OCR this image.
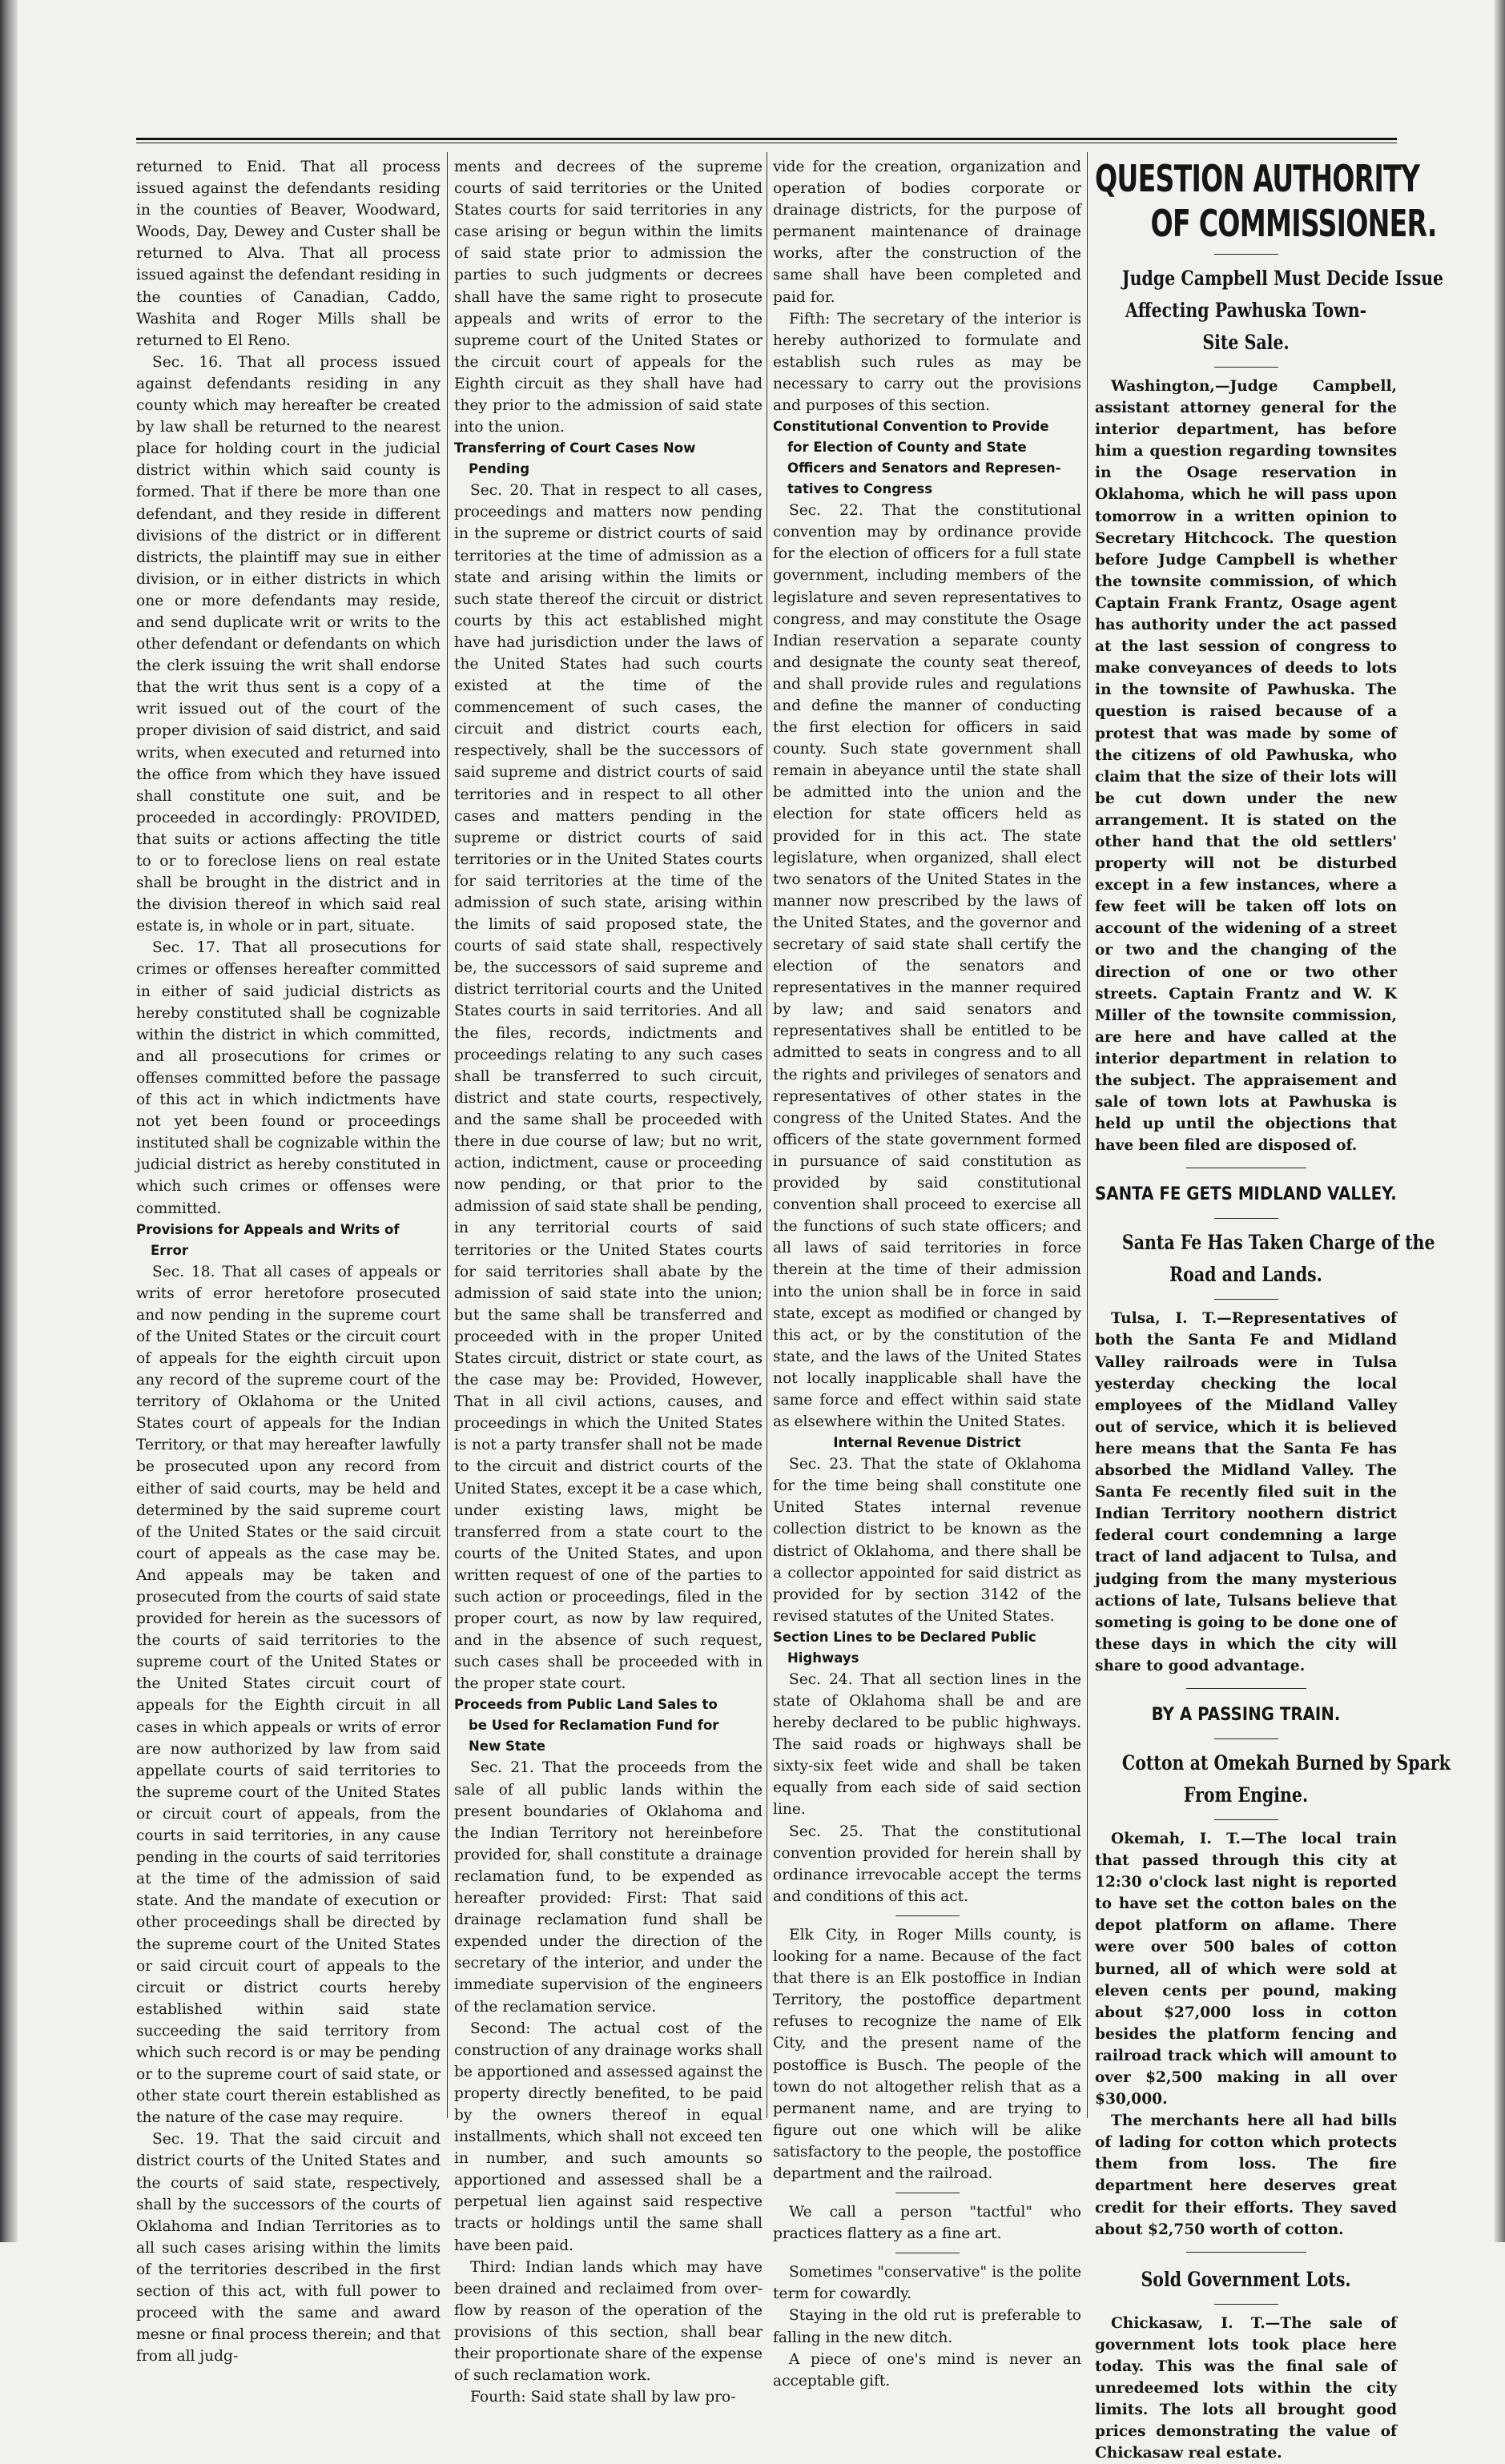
returned to Enid. That all process issued against the defendants residing in the counties of Beaver, Woodward, Woods, Day, Dewey and Custer shall be returned to Alva. That all process issued against the defendant residing in the counties of Canadian, Caddo, Washita and Roger Mills shall be returned to El Reno.

Sec. 16. That all process issued against defendants residing in any county which may hereafter be created by law shall be returned to the nearest place for holding court in the judicial district within which said county is formed. That if there be more than one defendant, and they reside in different divisions of the district or in different districts, the plaintiff may sue in either division, or in either districts in which one or more defendants may reside, and send duplicate writ or writs to the other defendant or defendants on which the clerk issuing the writ shall endorse that the writ thus sent is a copy of a writ issued out of the court of the proper division of said district, and said writs, when executed and returned into the office from which they have issued shall constitute one suit, and be proceeded in accordingly: PROVIDED, that suits or actions affecting the title to or to foreclose liens on real estate shall be brought in the district and in the division thereof in which said real estate is, in whole or in part, situate.

Sec. 17. That all prosecutions for crimes or offenses hereafter committed in either of said judicial districts as hereby constituted shall be cognizable within the district in which committed, and all prosecutions for crimes or offenses committed before the passage of this act in which indictments have not yet been found or proceedings instituted shall be cognizable within the judicial district as hereby constituted in which such crimes or offenses were committed.

Provisions for Appeals and Writs of
Error

Sec. 18. That all cases of appeals or writs of error heretofore prosecuted and now pending in the supreme court of the United States or the circuit court of appeals for the eighth circuit upon any record of the supreme court of the territory of Oklahoma or the United States court of appeals for the Indian Territory, or that may hereafter lawfully be prosecuted upon any record from either of said courts, may be held and determined by the said supreme court of the United States or the said circuit court of appeals as the case may be. And appeals may be taken and prosecuted from the courts of said state provided for herein as the sucessors of the courts of said territories to the supreme court of the United States or the United States circuit court of appeals for the Eighth circuit in all cases in which appeals or writs of error are now authorized by law from said appellate courts of said territories to the supreme court of the United States or circuit court of appeals, from the courts in said territories, in any cause pending in the courts of said territories at the time of the admission of said state. And the mandate of execution or other proceedings shall be directed by the supreme court of the United States or said circuit court of appeals to the circuit or district courts hereby established within said state succeeding the said territory from which such record is or may be pending or to the supreme court of said state, or other state court therein established as the nature of the case may require.

Sec. 19. That the said circuit and district courts of the United States and the courts of said state, respectively, shall by the successors of the courts of Oklahoma and Indian Territories as to all such cases arising within the limits of the territories described in the first section of this act, with full power to proceed with the same and award mesne or final process therein; and that from all judg-

ments and decrees of the supreme courts of said territories or the United States courts for said territories in any case arising or begun within the limits of said state prior to admission the parties to such judgments or decrees shall have the same right to prosecute appeals and writs of error to the supreme court of the United States or the circuit court of appeals for the Eighth circuit as they shall have had they prior to the admission of said state into the union.

Transferring of Court Cases Now
Pending

Sec. 20. That in respect to all cases, proceedings and matters now pending in the supreme or district courts of said territories at the time of admission as a state and arising within the limits or such state thereof the circuit or district courts by this act established might have had jurisdiction under the laws of the United States had such courts existed at the time of the commencement of such cases, the circuit and district courts each, respectively, shall be the successors of said supreme and district courts of said territories and in respect to all other cases and matters pending in the supreme or district courts of said territories or in the United States courts for said territories at the time of the admission of such state, arising within the limits of said proposed state, the courts of said state shall, respectively be, the successors of said supreme and district territorial courts and the United States courts in said territories. And all the files, records, indictments and proceedings relating to any such cases shall be transferred to such circuit, district and state courts, respectively, and the same shall be proceeded with there in due course of law; but no writ, action, indictment, cause or proceeding now pending, or that prior to the admission of said state shall be pending, in any territorial courts of said territories or the United States courts for said territories shall abate by the admission of said state into the union; but the same shall be transferred and proceeded with in the proper United States circuit, district or state court, as the case may be: Provided, However, That in all civil actions, causes, and proceedings in which the United States is not a party transfer shall not be made to the circuit and district courts of the United States, except it be a case which, under existing laws, might be transferred from a state court to the courts of the United States, and upon written request of one of the parties to such action or proceedings, filed in the proper court, as now by law required, and in the absence of such request, such cases shall be proceeded with in the proper state court.

Proceeds from Public Land Sales to
be Used for Reclamation Fund for
New State

Sec. 21. That the proceeds from the sale of all public lands within the present boundaries of Oklahoma and the Indian Territory not hereinbefore provided for, shall constitute a drainage reclamation fund, to be expended as hereafter provided: First: That said drainage reclamation fund shall be expended under the direction of the secretary of the interior, and under the immediate supervision of the engineers of the reclamation service.

Second: The actual cost of the construction of any drainage works shall be apportioned and assessed against the property directly benefited, to be paid by the owners thereof in equal installments, which shall not exceed ten in number, and such amounts so apportioned and assessed shall be a perpetual lien against said respective tracts or holdings until the same shall have been paid.

Third: Indian lands which may have been drained and reclaimed from over-flow by reason of the operation of the provisions of this section, shall bear their proportionate share of the expense of such reclamation work.

Fourth: Said state shall by law pro-

vide for the creation, organization and operation of bodies corporate or drainage districts, for the purpose of permanent maintenance of drainage works, after the construction of the same shall have been completed and paid for.

Fifth: The secretary of the interior is hereby authorized to formulate and establish such rules as may be necessary to carry out the provisions and purposes of this section.

Constitutional Convention to Provide
for Election of County and State
Officers and Senators and Represen-
tatives to Congress

Sec. 22. That the constitutional convention may by ordinance provide for the election of officers for a full state government, including members of the legislature and seven representatives to congress, and may constitute the Osage Indian reservation a separate county and designate the county seat thereof, and shall provide rules and regulations and define the manner of conducting the first election for officers in said county. Such state government shall remain in abeyance until the state shall be admitted into the union and the election for state officers held as provided for in this act. The state legislature, when organized, shall elect two senators of the United States in the manner now prescribed by the laws of the United States, and the governor and secretary of said state shall certify the election of the senators and representatives in the manner required by law; and said senators and representatives shall be entitled to be admitted to seats in congress and to all the rights and privileges of senators and representatives of other states in the congress of the United States. And the officers of the state government formed in pursuance of said constitution as provided by said constitutional convention shall proceed to exercise all the functions of such state officers; and all laws of said territories in force therein at the time of their admission into the union shall be in force in said state, except as modified or changed by this act, or by the constitution of the state, and the laws of the United States not locally inapplicable shall have the same force and effect within said state as elsewhere within the United States.

Internal Revenue District

Sec. 23. That the state of Oklahoma for the time being shall constitute one United States internal revenue collection district to be known as the district of Oklahoma, and there shall be a collector appointed for said district as provided for by section 3142 of the revised statutes of the United States.

Section Lines to be Declared Public
Highways

Sec. 24. That all section lines in the state of Oklahoma shall be and are hereby declared to be public highways. The said roads or highways shall be sixty-six feet wide and shall be taken equally from each side of said section line.

Sec. 25. That the constitutional convention provided for herein shall by ordinance irrevocable accept the terms and conditions of this act.

Elk City, in Roger Mills county, is looking for a name. Because of the fact that there is an Elk postoffice in Indian Territory, the postoffice department refuses to recognize the name of Elk City, and the present name of the postoffice is Busch. The people of the town do not altogether relish that as a permanent name, and are trying to figure out one which will be alike satisfactory to the people, the postoffice department and the railroad.

We call a person "tactful" who practices flattery as a fine art.

Sometimes "conservative" is the polite term for cowardly.

Staying in the old rut is preferable to falling in the new ditch.

A piece of one's mind is never an acceptable gift.

QUESTION AUTHORITY
OF COMMISSIONER.
Judge Campbell Must Decide Issue
Affecting Pawhuska Town-
Site Sale.

Washington,—Judge Campbell, assistant attorney general for the interior department, has before him a question regarding townsites in the Osage reservation in Oklahoma, which he will pass upon tomorrow in a written opinion to Secretary Hitchcock. The question before Judge Campbell is whether the townsite commission, of which Captain Frank Frantz, Osage agent has authority under the act passed at the last session of congress to make conveyances of deeds to lots in the townsite of Pawhuska. The question is raised because of a protest that was made by some of the citizens of old Pawhuska, who claim that the size of their lots will be cut down under the new arrangement. It is stated on the other hand that the old settlers' property will not be disturbed except in a few instances, where a few feet will be taken off lots on account of the widening of a street or two and the changing of the direction of one or two other streets. Captain Frantz and W. K Miller of the townsite commission, are here and have called at the interior department in relation to the subject. The appraisement and sale of town lots at Pawhuska is held up until the objections that have been filed are disposed of.

SANTA FE GETS MIDLAND VALLEY.
Santa Fe Has Taken Charge of the
Road and Lands.

Tulsa, I. T.—Representatives of both the Santa Fe and Midland Valley railroads were in Tulsa yesterday checking the local employees of the Midland Valley out of service, which it is believed here means that the Santa Fe has absorbed the Midland Valley. The Santa Fe recently filed suit in the Indian Territory noothern district federal court condemning a large tract of land adjacent to Tulsa, and judging from the many mysterious actions of late, Tulsans believe that someting is going to be done one of these days in which the city will share to good advantage.

BY A PASSING TRAIN.
Cotton at Omekah Burned by Spark
From Engine.

Okemah, I. T.—The local train that passed through this city at 12:30 o'clock last night is reported to have set the cotton bales on the depot platform on aflame. There were over 500 bales of cotton burned, all of which were sold at eleven cents per pound, making about $27,000 loss in cotton besides the platform fencing and railroad track which will amount to over $2,500 making in all over $30,000.

The merchants here all had bills of lading for cotton which protects them from loss. The fire department here deserves great credit for their efforts. They saved about $2,750 worth of cotton.

Sold Government Lots.

Chickasaw, I. T.—The sale of government lots took place here today. This was the final sale of unredeemed lots within the city limits. The lots all brought good prices demonstrating the value of Chickasaw real estate.
